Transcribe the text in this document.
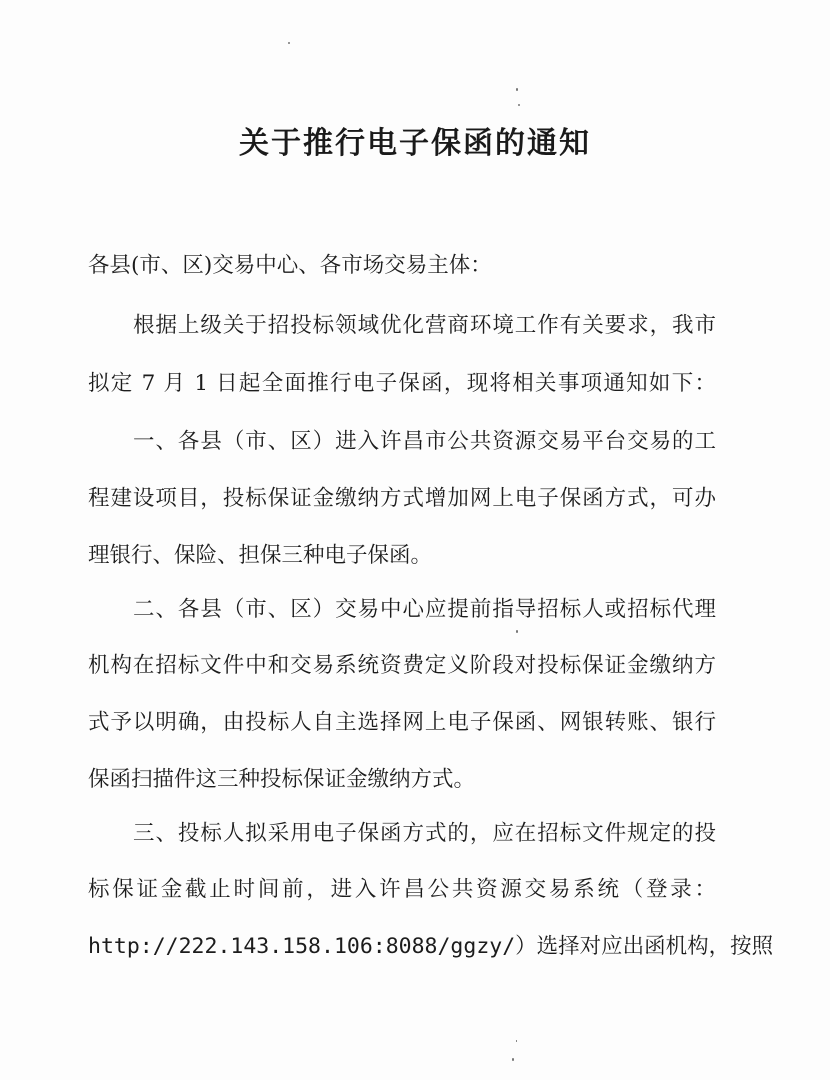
关于推行电子保函的通知

各县(市、区)交易中心、各市场交易主体：

根据上级关于招投标领域优化营商环境工作有关要求，我市

拟定 7 月 1 日起全面推行电子保函，现将相关事项通知如下：

一、各县（市、区）进入许昌市公共资源交易平台交易的工

程建设项目，投标保证金缴纳方式增加网上电子保函方式，可办

理银行、保险、担保三种电子保函。

二、各县（市、区）交易中心应提前指导招标人或招标代理

机构在招标文件中和交易系统资费定义阶段对投标保证金缴纳方

式予以明确，由投标人自主选择网上电子保函、网银转账、银行

保函扫描件这三种投标保证金缴纳方式。

三、投标人拟采用电子保函方式的，应在招标文件规定的投

标保证金截止时间前，进入许昌公共资源交易系统（登录：

http://222.143.158.106:8088/ggzy/）选择对应出函机构，按照
